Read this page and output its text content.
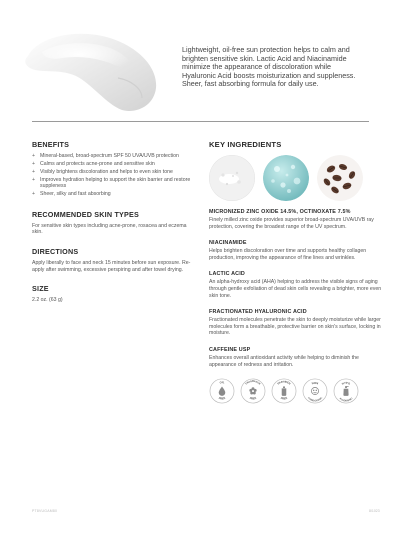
Lightweight, oil-free sun protection helps to calm and brighten sensitive skin. Lactic Acid and Niacinamide minimize the appearance of discoloration while Hyaluronic Acid boosts moisturization and suppleness. Sheer, fast absorbing formula for daily use.

BENEFITS
+ Mineral-based, broad-spectrum SPF 50 UVA/UVB protection
+ Calms and protects acne-prone and sensitive skin
+ Visibly brightens discoloration and helps to even skin tone
+ Improves hydration helping to support the skin barrier and restore suppleness
+ Sheer, silky and fast absorbing
RECOMMENDED SKIN TYPES

For sensitive skin types including acne-prone, rosacea and eczema skin.

DIRECTIONS

Apply liberally to face and neck 15 minutes before sun exposure. Re-apply after swimming, excessive perspiring and after towel drying.

SIZE

2.2 oz. (63 g)

KEY INGREDIENTS
MICRONIZED ZINC OXIDE 14.5%, OCTINOXATE 7.5%

Finely milled zinc oxide provides superior broad-spectrum UVA/UVB ray protection, covering the broadest range of the UV spectrum.

NIACINAMIDE

Helps brighten discoloration over time and supports healthy collagen production, improving the appearance of fine lines and wrinkles.

LACTIC ACID

An alpha-hydroxy acid (AHA) helping to address the visible signs of aging through gentle exfoliation of dead skin cells revealing a brighter, more even skin tone.

FRACTIONATED HYALURONIC ACID

Fractionated molecules penetrate the skin to deeply moisturize while larger molecules form a breathable, protective barrier on skin's surface, locking in moisture.

CAFFEINE USP

Enhances overall antioxidant activity while helping to diminish the appearance of redness and irritation.

OIL
FREE
FRAGRANCE
FREE
PARABEN
FREE
NON
COMEDOGENIC
HYPO
ALLERGENIC
PT8VUGAM80	8/1023
